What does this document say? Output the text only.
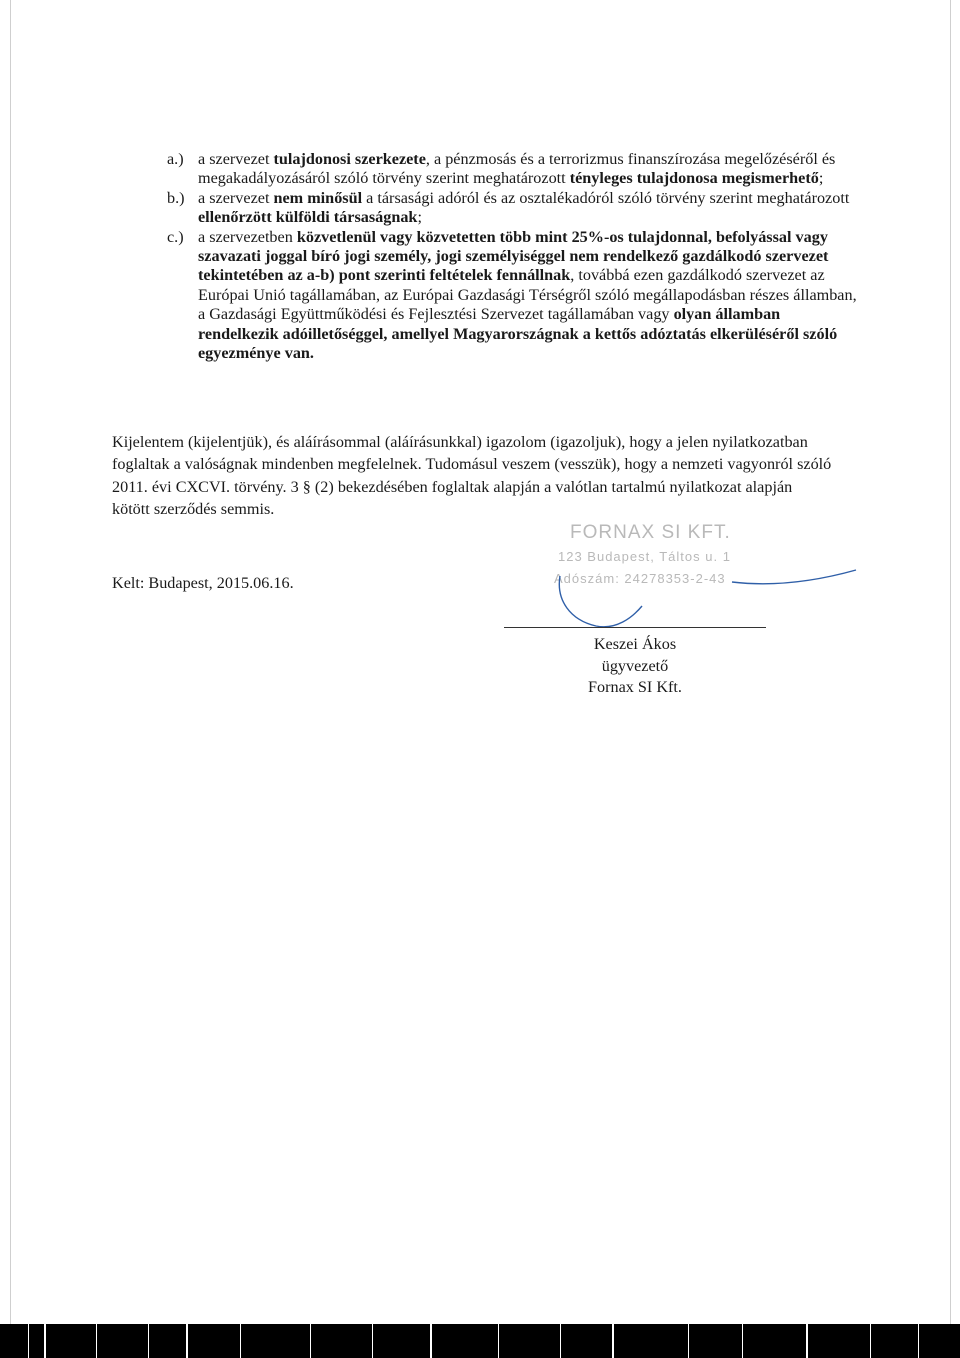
a.) a szervezet tulajdonosi szerkezete, a pénzmosás és a terrorizmus finanszírozása megelőzéséről és megakadályozásáról szóló törvény szerint meghatározott tényleges tulajdonosa megismerhető;
b.) a szervezet nem minősül a társasági adóról és az osztalékadóról szóló törvény szerint meghatározott ellenőrzött külföldi társaságnak;
c.) a szervezetben közvetlenül vagy közvetetten több mint 25%-os tulajdonnal, befolyással vagy szavazati joggal bíró jogi személy, jogi személyiséggel nem rendelkező gazdálkodó szervezet tekintetében az a-b) pont szerinti feltételek fennállnak, továbbá ezen gazdálkodó szervezet az Európai Unió tagállamában, az Európai Gazdasági Térségről szóló megállapodásban részes államban, a Gazdasági Együttműködési és Fejlesztési Szervezet tagállamában vagy olyan államban rendelkezik adóilletőséggel, amellyel Magyarországnak a kettős adóztatás elkerüléséről szóló egyezménye van.

Kijelentem (kijelentjük), és aláírásommal (aláírásunkkal) igazolom (igazoljuk), hogy a jelen nyilatkozatban foglaltak a valóságnak mindenben megfelelnek. Tudomásul veszem (vesszük), hogy a nemzeti vagyonról szóló 2011. évi CXCVI. törvény. 3 § (2) bekezdésében foglaltak alapján a valótlan tartalmú nyilatkozat alapján kötött szerződés semmis.

Kelt: Budapest, 2015.06.16.

FORNAX SI KFT.
123 Budapest, Táltos u. 1
Adószám: 24278353-2-43
Keszei Ákos
ügyvezető
Fornax SI Kft.
